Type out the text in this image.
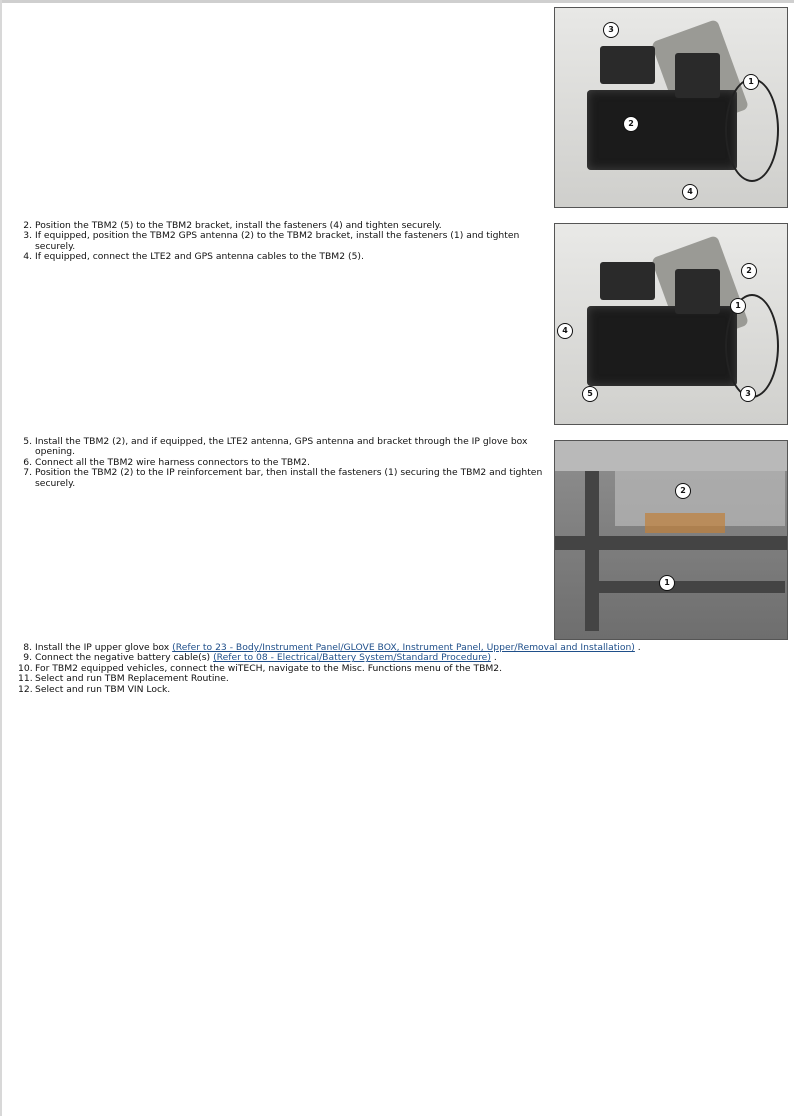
3
1
2
4
2
1
4
5	3
2
1
2. Position the TBM2 (5) to the TBM2 bracket, install the fasteners (4) and tighten securely.
3. If equipped, position the TBM2 GPS antenna (2) to the TBM2 bracket, install the fasteners (1) and tighten securely.
4. If equipped, connect the LTE2 and GPS antenna cables to the TBM2 (5).
5. Install the TBM2 (2), and if equipped, the LTE2 antenna, GPS antenna and bracket through the IP glove box opening.
6. Connect all the TBM2 wire harness connectors to the TBM2.
7. Position the TBM2 (2) to the IP reinforcement bar, then install the fasteners (1) securing the TBM2 and tighten securely.
8. Install the IP upper glove box (Refer to 23 - Body/Instrument Panel/GLOVE BOX, Instrument Panel, Upper/Removal and Installation) .
9. Connect the negative battery cable(s) (Refer to 08 - Electrical/Battery System/Standard Procedure) .
10. For TBM2 equipped vehicles, connect the wiTECH, navigate to the Misc. Functions menu of the TBM2.
11. Select and run TBM Replacement Routine.
12. Select and run TBM VIN Lock.
